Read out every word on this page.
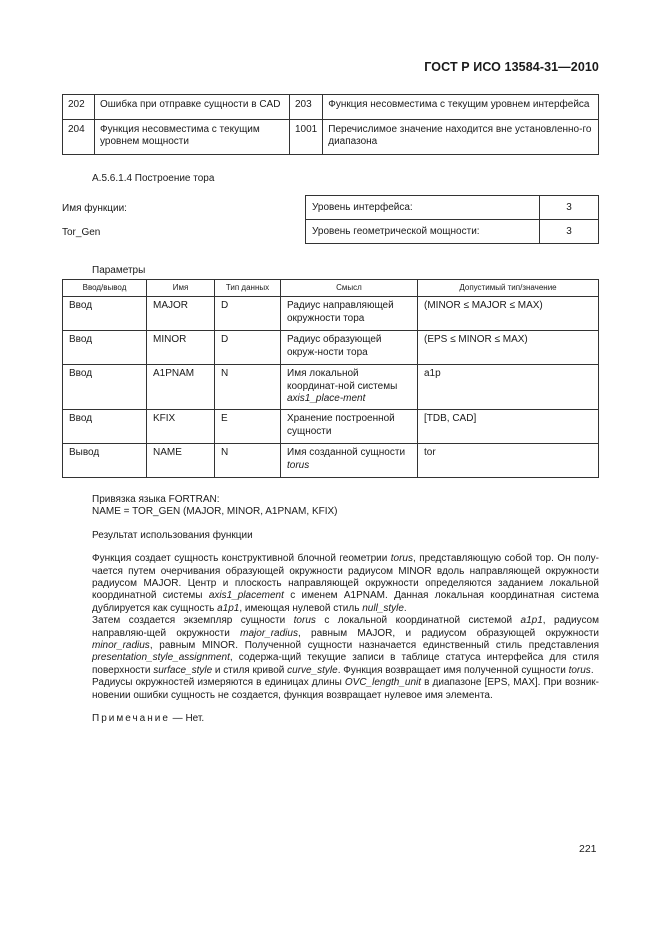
ГОСТ Р ИСО 13584-31—2010
202	Ошибка при отправке сущности в CAD	203	Функция несовместима с текущим уровнем интерфейса
204	Функция несовместима с текущим уровнем мощности	1001	Перечислимое значение находится вне установленно-го диапазона
А.5.6.1.4 Построение тора
Имя функции:
Tor_Gen
Уровень интерфейса:	3
Уровень геометрической мощности:	3
Параметры
Ввод/вывод	Имя	Тип данных	Смысл	Допустимый тип/значение
Ввод	MAJOR	D	Радиус направляющей окружности тора	(MINOR ≤ MAJOR ≤ MAX)
Ввод	MINOR	D	Радиус образующей окруж-ности тора	(EPS ≤ MINOR ≤ MAX)
Ввод	A1PNAM	N	Имя локальной координат-ной системы axis1_place-ment	a1p
Ввод	KFIX	E	Хранение построенной сущности	[TDB, CAD]
Вывод	NAME	N	Имя созданной сущности torus	tor

Привязка языка FORTRAN:

NAME = TOR_GEN (MAJOR, MINOR, A1PNAM, KFIX)

Результат использования функции

Функция создает сущность конструктивной блочной геометрии torus, представляющую собой тор. Он полу-чается путем очерчивания образующей окружности радиусом MINOR вдоль направляющей окружности радиусом MAJOR. Центр и плоскость направляющей окружности определяются заданием локальной координатной системы axis1_placement с именем A1PNAM. Данная локальная координатная система дублируется как сущность a1p1, имеющая нулевой стиль null_style.

Затем создается экземпляр сущности torus с локальной координатной системой a1p1, радиусом направляю-щей окружности major_radius, равным MAJOR, и радиусом образующей окружности minor_radius, равным MINOR. Полученной сущности назначается единственный стиль представления presentation_style_assignment, содержа-щий текущие записи в таблице статуса интерфейса для стиля поверхности surface_style и стиля кривой curve_style. Функция возвращает имя полученной сущности torus.

Радиусы окружностей измеряются в единицах длины OVC_length_unit в диапазоне [EPS, MAX]. При возник-новении ошибки сущность не создается, функция возвращает нулевое имя элемента.

Примечание — Нет.

221
